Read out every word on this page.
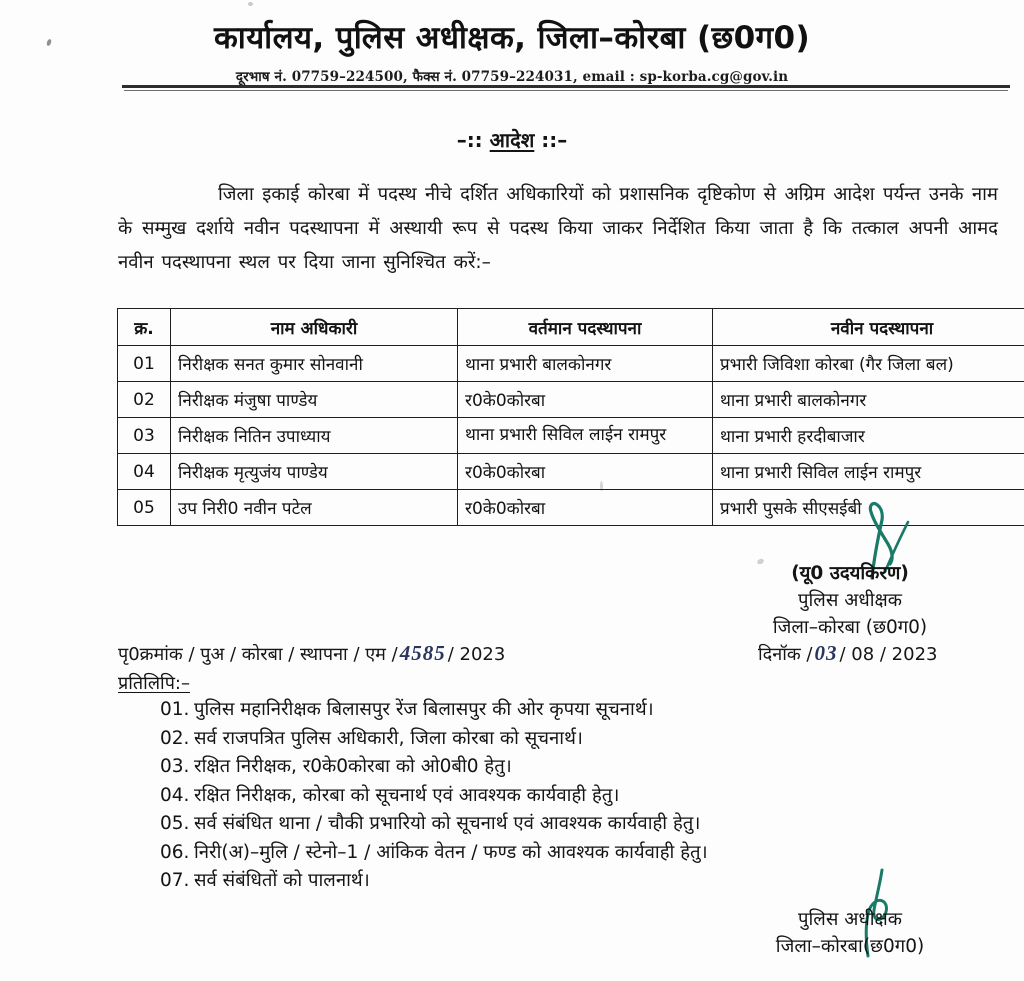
कार्यालय, पुलिस अधीक्षक, जिला–कोरबा (छ0ग0)
दूरभाष नं. 07759–224500, फैक्स नं. 07759–224031, email : sp-korba.cg@gov.in
–:: आदेश ::–
जिला इकाई कोरबा में पदस्थ नीचे दर्शित अधिकारियों को प्रशासनिक दृष्टिकोण से अग्रिम आदेश पर्यन्त उनके नाम के सम्मुख दर्शाये नवीन पदस्थापना में अस्थायी रूप से पदस्थ किया जाकर निर्देशित किया जाता है कि तत्काल अपनी आमद नवीन पदस्थापना स्थल पर दिया जाना सुनिश्चित करें:–
क्र.	नाम अधिकारी	वर्तमान पदस्थापना	नवीन पदस्थापना
01	निरीक्षक सनत कुमार सोनवानी	थाना प्रभारी बालकोनगर	प्रभारी जिविशा कोरबा (गैर जिला बल)
02	निरीक्षक मंजुषा पाण्डेय	र0के0कोरबा	थाना प्रभारी बालकोनगर
03	निरीक्षक नितिन उपाध्याय	थाना प्रभारी सिविल लाईन रामपुर	थाना प्रभारी हरदीबाजार
04	निरीक्षक मृत्युजंय पाण्डेय	र0के0कोरबा	थाना प्रभारी सिविल लाईन रामपुर
05	उप निरी0 नवीन पटेल	र0के0कोरबा	प्रभारी पुसके सीएसईबी
(यू0 उदयकिरण)
पुलिस अधीक्षक
जिला–कोरबा (छ0ग0)
पृ0क्रमांक / पुअ / कोरबा / स्थापना / एम /4585 / 2023	दिनॉक /03 / 08 / 2023
प्रतिलिपि:–
01. पुलिस महानिरीक्षक बिलासपुर रेंज बिलासपुर की ओर कृपया सूचनार्थ।
02. सर्व राजपत्रित पुलिस अधिकारी, जिला कोरबा को सूचनार्थ।
03. रक्षित निरीक्षक, र0के0कोरबा को ओ0बी0 हेतु।
04. रक्षित निरीक्षक, कोरबा को सूचनार्थ एवं आवश्यक कार्यवाही हेतु।
05. सर्व संबंधित थाना / चौकी प्रभारियो को सूचनार्थ एवं आवश्यक कार्यवाही हेतु।
06. निरी(अ)–मुलि / स्टेनो–1 / आंकिक वेतन / फण्ड को आवश्यक कार्यवाही हेतु।
07. सर्व संबंधितों को पालनार्थ।
पुलिस अधीक्षक
जिला–कोरबा(छ0ग0)
